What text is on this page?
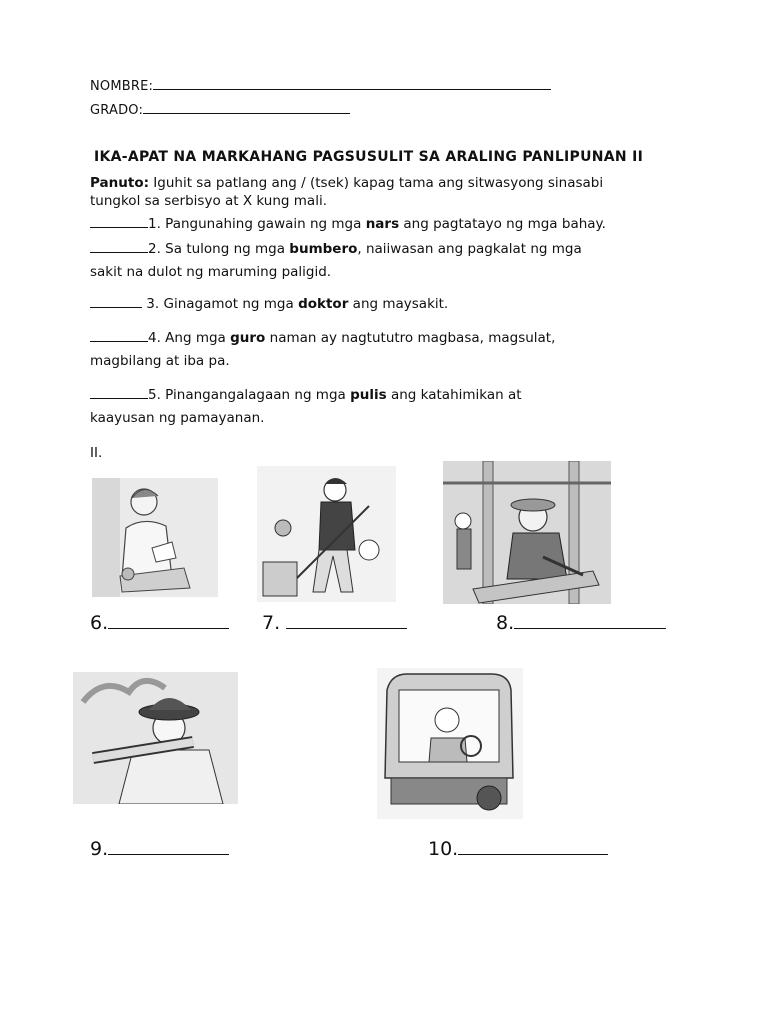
NOMBRE:
GRADO:
IKA-APAT NA MARKAHANG PAGSUSULIT SA ARALING PANLIPUNAN II
Panuto: Iguhit sa patlang ang / (tsek) kapag tama ang sitwasyong sinasabi
tungkol sa serbisyo at X kung mali.
1. Pangunahing gawain ng mga nars ang pagtatayo ng mga bahay.
2. Sa tulong ng mga bumbero, naiiwasan ang pagkalat ng mga
sakit na dulot ng maruming paligid.
3. Ginagamot ng mga doktor ang maysakit.
4. Ang mga guro naman ay nagtututro magbasa, magsulat,
magbilang at iba pa.
5. Pinangangalagaan ng mga pulis ang katahimikan at
kaayusan ng pamayanan.
II.
6.	7.	8.
9.	10.
